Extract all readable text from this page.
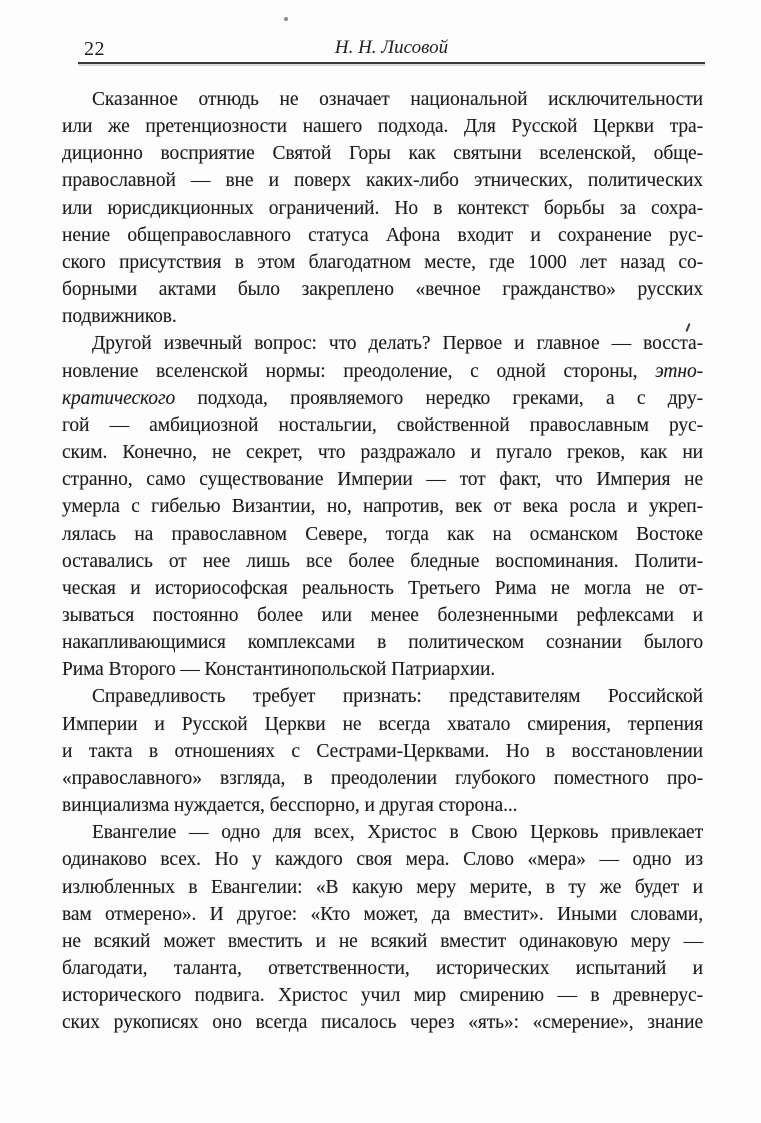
22	Н. Н. Лисовой
Сказанное отнюдь не означает национальной исключительности
или же претенциозности нашего подхода. Для Русской Церкви тра-
диционно восприятие Святой Горы как святыни вселенской, обще-
православной — вне и поверх каких-либо этнических, политических
или юрисдикционных ограничений. Но в контекст борьбы за сохра-
нение общеправославного статуса Афона входит и сохранение рус-
ского присутствия в этом благодатном месте, где 1000 лет назад со-
борными актами было закреплено «вечное гражданство» русских
подвижников.
Другой извечный вопрос: что делать? Первое и главное — восста-
новление вселенской нормы: преодоление, с одной стороны, этно-
кратического подхода, проявляемого нередко греками, а с дру-
гой — амбициозной ностальгии, свойственной православным рус-
ским. Конечно, не секрет, что раздражало и пугало греков, как ни
странно, само существование Империи — тот факт, что Империя не
умерла с гибелью Византии, но, напротив, век от века росла и укреп-
лялась на православном Севере, тогда как на османском Востоке
оставались от нее лишь все более бледные воспоминания. Полити-
ческая и историософская реальность Третьего Рима не могла не от-
зываться постоянно более или менее болезненными рефлексами и
накапливающимися комплексами в политическом сознании былого
Рима Второго — Константинопольской Патриархии.
Справедливость требует признать: представителям Российской
Империи и Русской Церкви не всегда хватало смирения, терпения
и такта в отношениях с Сестрами-Церквами. Но в восстановлении
«православного» взгляда, в преодолении глубокого поместного про-
винциализма нуждается, бесспорно, и другая сторона...
Евангелие — одно для всех, Христос в Свою Церковь привлекает
одинаково всех. Но у каждого своя мера. Слово «мера» — одно из
излюбленных в Евангелии: «В какую меру мерите, в ту же будет и
вам отмерено». И другое: «Кто может, да вместит». Иными словами,
не всякий может вместить и не всякий вместит одинаковую меру —
благодати, таланта, ответственности, исторических испытаний и
исторического подвига. Христос учил мир смирению — в древнерус-
ских рукописях оно всегда писалось через «ять»: «смерение», знание
